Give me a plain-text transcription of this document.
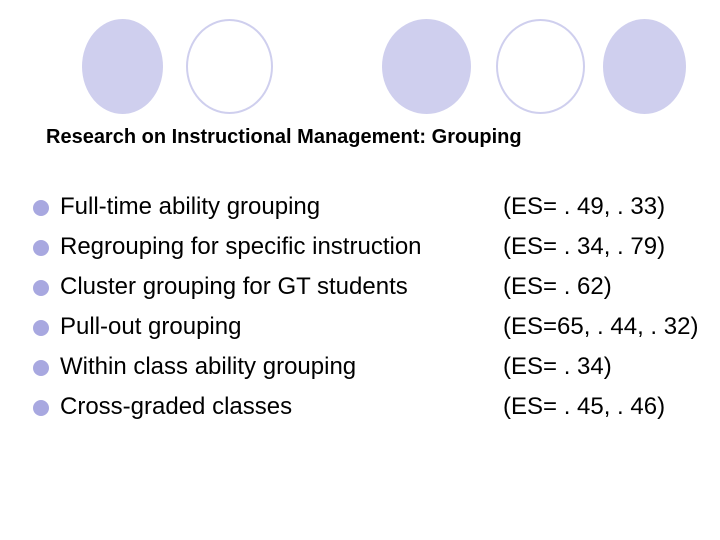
Research on Instructional Management: Grouping
Full-time ability grouping	(ES= . 49, . 33)
Regrouping for specific instruction	(ES= . 34, . 79)
Cluster grouping for GT students	(ES= . 62)
Pull-out grouping	(ES=65, . 44, . 32)
Within class ability grouping	(ES= . 34)
Cross-graded classes	(ES= . 45, . 46)
